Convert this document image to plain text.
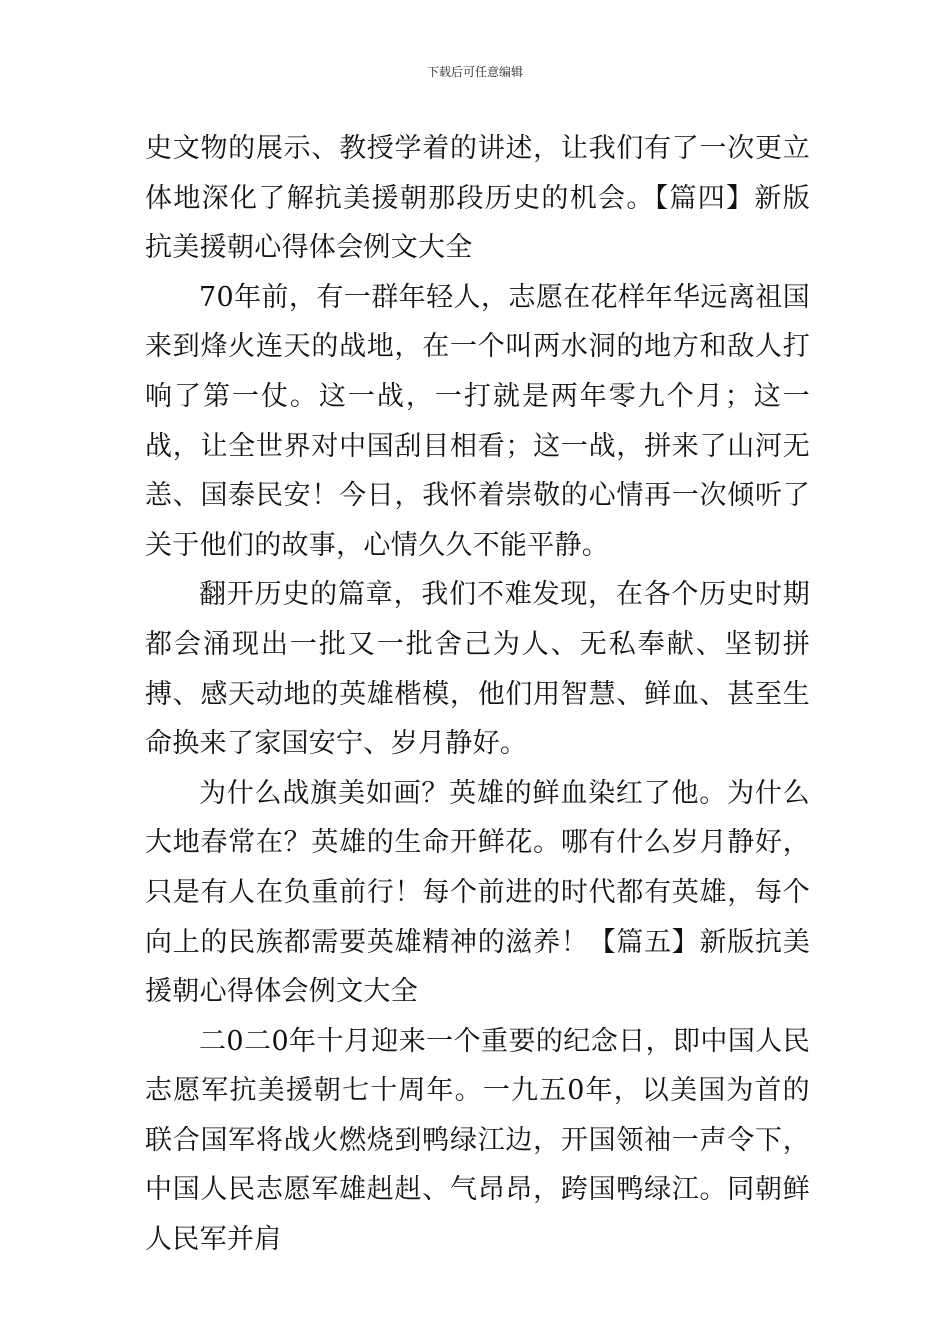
下载后可任意编辑

史文物的展示、教授学着的讲述，让我们有了一次更立体地深化了解抗美援朝那段历史的机会。【篇四】新版抗美援朝心得体会例文大全

70年前，有一群年轻人，志愿在花样年华远离祖国来到烽火连天的战地，在一个叫两水洞的地方和敌人打响了第一仗。这一战，一打就是两年零九个月；这一战，让全世界对中国刮目相看；这一战，拼来了山河无恙、国泰民安！今日，我怀着崇敬的心情再一次倾听了关于他们的故事，心情久久不能平静。

翻开历史的篇章，我们不难发现，在各个历史时期都会涌现出一批又一批舍己为人、无私奉献、坚韧拼搏、感天动地的英雄楷模，他们用智慧、鲜血、甚至生命换来了家国安宁、岁月静好。

为什么战旗美如画？英雄的鲜血染红了他。为什么大地春常在？英雄的生命开鲜花。哪有什么岁月静好，只是有人在负重前行！每个前进的时代都有英雄，每个向上的民族都需要英雄精神的滋养！【篇五】新版抗美援朝心得体会例文大全

二0二0年十月迎来一个重要的纪念日，即中国人民志愿军抗美援朝七十周年。一九五0年，以美国为首的联合国军将战火燃烧到鸭绿江边，开国领袖一声令下，中国人民志愿军雄赳赳、气昂昂，跨国鸭绿江。同朝鲜人民军并肩
